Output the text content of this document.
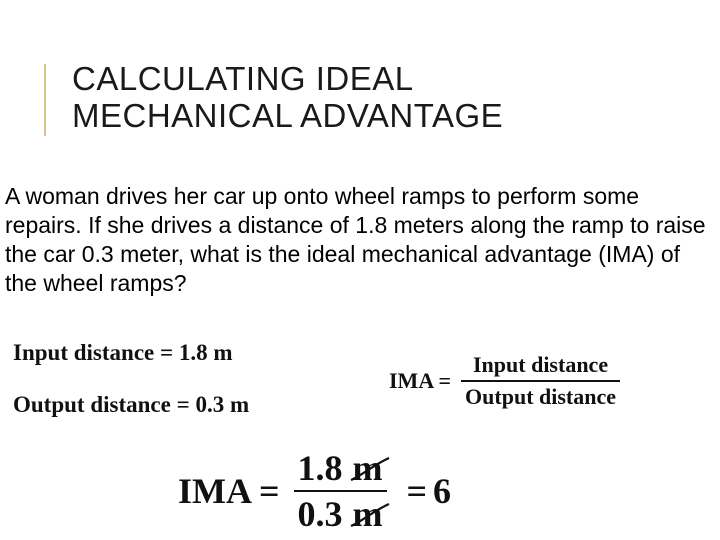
CALCULATING IDEAL
MECHANICAL ADVANTAGE

A woman drives her car up onto wheel ramps to perform some repairs. If she drives a distance of 1.8 meters along the ramp to raise the car 0.3 meter, what is the ideal mechanical advantage (IMA) of the wheel ramps?

Input distance = 1.8 m
Output distance = 0.3 m
IMA = $\frac{\text{Input distance}}{\text{Output distance}}$
IMA = $\frac{1.8 m}{0.3 m} = 6$
